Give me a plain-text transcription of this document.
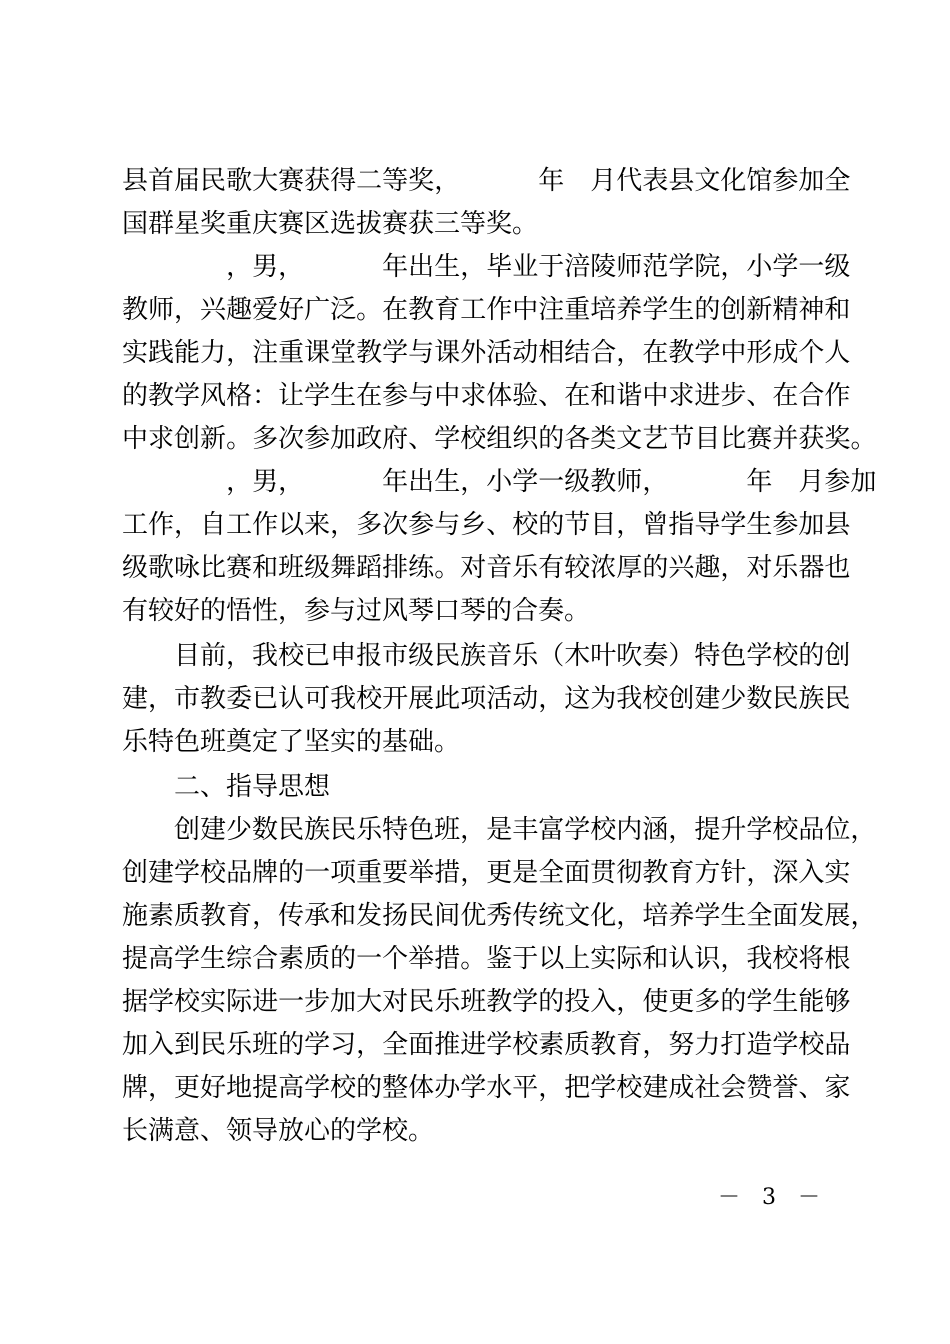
县 首 届 民 歌 大 赛 获 得 二 等 奖 ，

　	年
　 月 代 表 县 文 化 馆 参 加 全
国群星奖重庆赛区选拔赛获三等奖。

， 男 ，

　	年 出 生 ， 毕 业 于 涪 陵 师 范 学 院 ， 小 学 一 级
教 师 ， 兴 趣 爱 好 广 泛 。 在 教 育 工 作 中 注 重 培 养 学 生 的 创 新 精 神 和
实 践 能 力 ， 注 重 课 堂 教 学 与 课 外 活 动 相 结 合 ， 在 教 学 中 形 成 个 人
的 教 学 风 格 ： 让 学 生 在 参 与 中 求 体 验 、 在 和 谐 中 求 进 步 、 在 合 作
中 求 创 新 。 多 次 参 加 政 府 、 学 校 组 织 的 各 类 文 艺 节 目 比 赛 并 获 奖 。

， 男 ，

　	年 出 生 ， 小 学 一 级 教 师 ，

　	年
　 月 参 加
工 作 ， 自 工 作 以 来 ， 多 次 参 与 乡 、 校 的 节 目 ， 曾 指 导 学 生 参 加 县
级 歌 咏 比 赛 和 班 级 舞 蹈 排 练 。 对 音 乐 有 较 浓 厚 的 兴 趣 ， 对 乐 器 也
有较好的悟性，参与过风琴口琴的合奏。
目 前 ， 我 校 已 申 报 市 级 民 族 音 乐 （ 木 叶 吹 奏 ） 特 色 学 校 的 创
建 ， 市 教 委 已 认 可 我 校 开 展 此 项 活 动 ， 这 为 我 校 创 建 少 数 民 族 民
乐特色班奠定了坚实的基础。
二、指导思想
创 建 少 数 民 族 民 乐 特 色 班 ， 是 丰 富 学 校 内 涵 ， 提 升 学 校 品 位 ，
创 建 学 校 品 牌 的 一 项 重 要 举 措 ， 更 是 全 面 贯 彻 教 育 方 针 ， 深 入 实
施 素 质 教 育 ， 传 承 和 发 扬 民 间 优 秀 传 统 文 化 ， 培 养 学 生 全 面 发 展 ，
提 高 学 生 综 合 素 质 的 一 个 举 措 。 鉴 于 以 上 实 际 和 认 识 ， 我 校 将 根
据 学 校 实 际 进 一 步 加 大 对 民 乐 班 教 学 的 投 入 ， 使 更 多 的 学 生 能 够
加 入 到 民 乐 班 的 学 习 ， 全 面 推 进 学 校 素 质 教 育 ， 努 力 打 造 学 校 品
牌 ， 更 好 地 提 高 学 校 的 整 体 办 学 水 平 ， 把 学 校 建 成 社 会 赞 誉 、 家
长满意、领导放心的学校。
－　3　－
